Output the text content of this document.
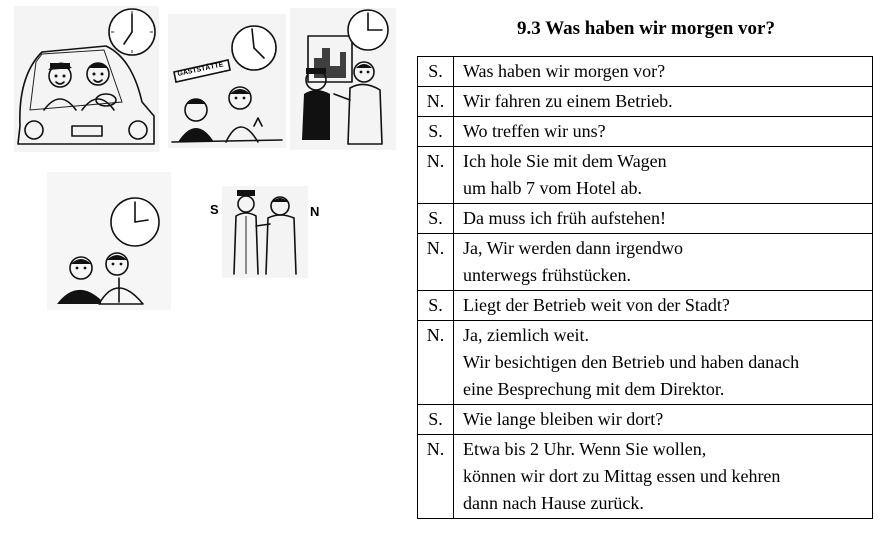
GASTSTÄTTE
S	N
9.3 Was haben wir morgen vor?
S.	Was haben wir morgen vor?

N.	Wir fahren zu einem Betrieb.

S.	Wo treffen wir uns?

N.	Ich hole Sie mit dem Wagen
um halb 7 vom Hotel ab.

S.	Da muss ich früh aufstehen!

N.	Ja, Wir werden dann irgendwo
unterwegs frühstücken.

S.	Liegt der Betrieb weit von der Stadt?

N.	Ja, ziemlich weit.
Wir besichtigen den Betrieb und haben danach
eine Besprechung mit dem Direktor.

S.	Wie lange bleiben wir dort?

N.	Etwa bis 2 Uhr. Wenn Sie wollen,
können wir dort zu Mittag essen und kehren
dann nach Hause zurück.
